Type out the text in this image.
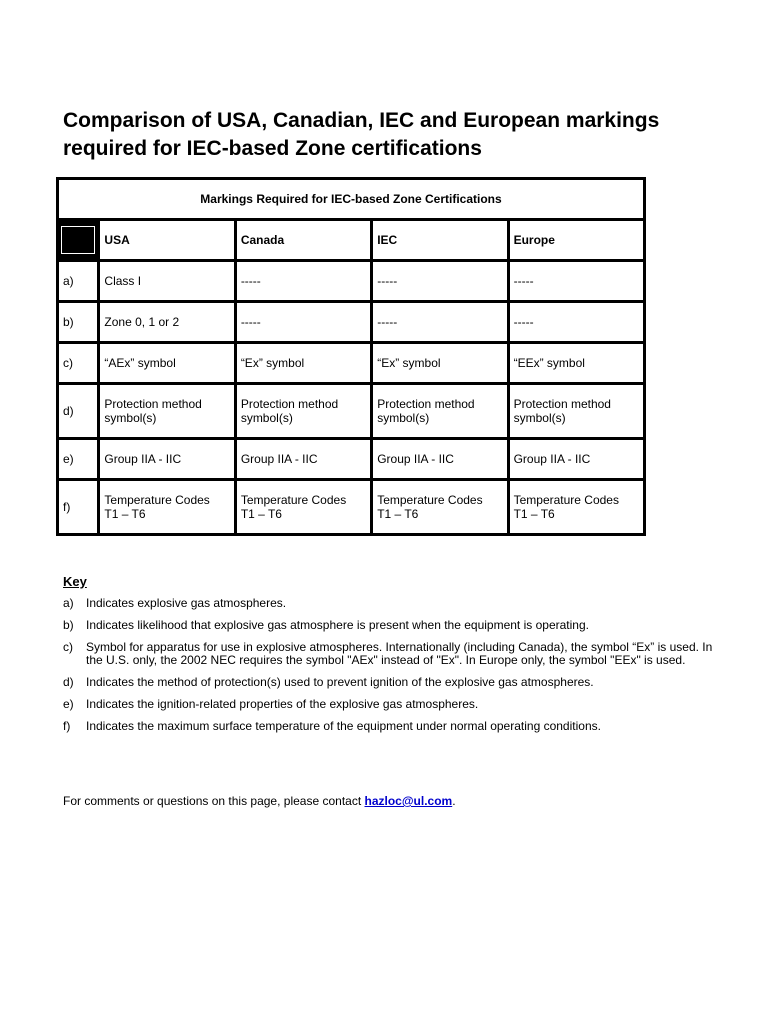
Comparison of USA, Canadian, IEC and European markings required for IEC-based Zone certifications
Markings Required for IEC-based Zone Certifications				

	USA	Canada	IEC	Europe
a)	Class I	-----	-----	-----

b)	Zone 0, 1 or 2	-----	-----	-----

c)	“AEx” symbol	“Ex” symbol	“Ex” symbol	“EEx” symbol

d)	Protection method
symbol(s)	Protection method
symbol(s)	Protection method
symbol(s)	Protection method
symbol(s)

e)	Group IIA - IIC	Group IIA - IIC	Group IIA - IIC	Group IIA - IIC

f)	Temperature Codes
T1 – T6	Temperature Codes
T1 – T6	Temperature Codes
T1 – T6	Temperature Codes
T1 – T6
Key
a)	Indicates explosive gas atmospheres.
b)	Indicates likelihood that explosive gas atmosphere is present when the equipment is operating.
c)	Symbol for apparatus for use in explosive atmospheres. Internationally (including Canada), the symbol “Ex” is used. In the U.S. only, the 2002 NEC requires the symbol "AEx" instead of "Ex". In Europe only, the symbol "EEx" is used.
d)	Indicates the method of protection(s) used to prevent ignition of the explosive gas atmospheres.
e)	Indicates the ignition-related properties of the explosive gas atmospheres.
f)	Indicates the maximum surface temperature of the equipment under normal operating conditions.
For comments or questions on this page, please contact hazloc@ul.com.
